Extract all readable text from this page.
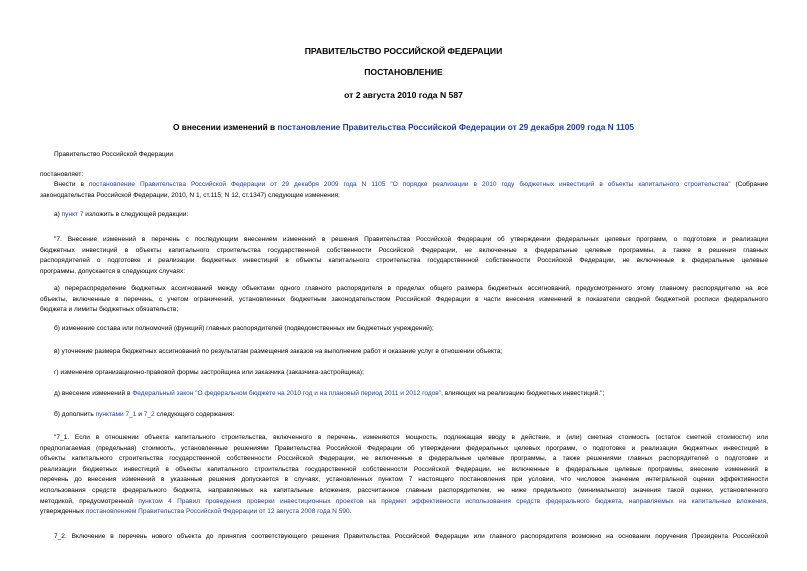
ПРАВИТЕЛЬСТВО РОССИЙСКОЙ ФЕДЕРАЦИИ
ПОСТАНОВЛЕНИЕ
от 2 августа 2010 года N 587
О внесении изменений в постановление Правительства Российской Федерации от 29 декабря 2009 года N 1105
Правительство Российской Федерации
постановляет:
Внести в постановление Правительства Российской Федерации от 29 декабря 2009 года N 1105 "О порядке реализации в 2010 году бюджетных инвестиций в объекты капитального строительства" (Собрание
законодательства Российской Федерации, 2010, N 1, ст.115; N 12, ст.1347) следующие изменения:
а) пункт 7 изложить в следующей редакции:
"7. Внесение изменений в перечень с последующим внесением изменений в решения Правительства Российской Федерации об утверждении федеральных целевых программ, о подготовке и реализации
бюджетных инвестиций в объекты капитального строительства государственной собственности Российской Федерации, не включенные в федеральные целевые программы, а также в решения главных
распорядителей о подготовке и реализации бюджетных инвестиций в объекты капитального строительства государственной собственности Российской Федерации, не включенные в федеральные целевые
программы, допускается в следующих случаях:
а) перераспределение бюджетных ассигнований между объектами одного главного распорядителя в пределах общего размера бюджетных ассигнований, предусмотренного этому главному распорядителю на все
объекты, включенные в перечень, с учетом ограничений, установленных бюджетным законодательством Российской Федерации в части внесения изменений в показатели сводной бюджетной росписи федерального
бюджета и лимиты бюджетных обязательств;
б) изменение состава или полномочий (функций) главных распорядителей (подведомственных им бюджетных учреждений);
в) уточнение размера бюджетных ассигнований по результатам размещения заказов на выполнение работ и оказание услуг в отношении объекта;
г) изменение организационно-правовой формы застройщика или заказчика (заказчика-застройщика);
д) внесение изменений в Федеральный закон "О федеральном бюджете на 2010 год и на плановый период 2011 и 2012 годов", влияющих на реализацию бюджетных инвестиций.";
б) дополнить пунктами 7_1 и 7_2 следующего содержания:
"7_1. Если в отношении объекта капитального строительства, включенного в перечень, изменяются мощность, подлежащая вводу в действие, и (или) сметная стоимость (остаток сметной стоимости) или
предполагаемая (предельная) стоимость, установленные решениями Правительства Российской Федерации об утверждении федеральных целевых программ, о подготовке и реализации бюджетных инвестиций в
объекты капитального строительства государственной собственности Российской Федерации, не включенные в федеральные целевые программы, а также решениями главных распорядителей о подготовке и
реализации бюджетных инвестиций в объекты капитального строительства государственной собственности Российской Федерации, не включенные в федеральные целевые программы, внесение изменений в
перечень до внесения изменений в указанные решения допускается в случаях, установленных пунктом 7 настоящего постановления при условии, что числовое значение интегральной оценки эффективности
использования средств федерального бюджета, направляемых на капитальные вложения, рассчитанное главным распорядителем, не ниже предельного (минимального) значения такой оценки, установленного
методикой, предусмотренной пунктом 4 Правил проведения проверки инвестиционных проектов на предмет эффективности использования средств федерального бюджета, направляемых на капитальные вложения,
утвержденных постановлением Правительства Российской Федерации от 12 августа 2008 года N 590.
7_2. Включение в перечень нового объекта до принятия соответствующего решения Правительства Российской Федерации или главного распорядителя возможно на основании поручения Президента Российской
